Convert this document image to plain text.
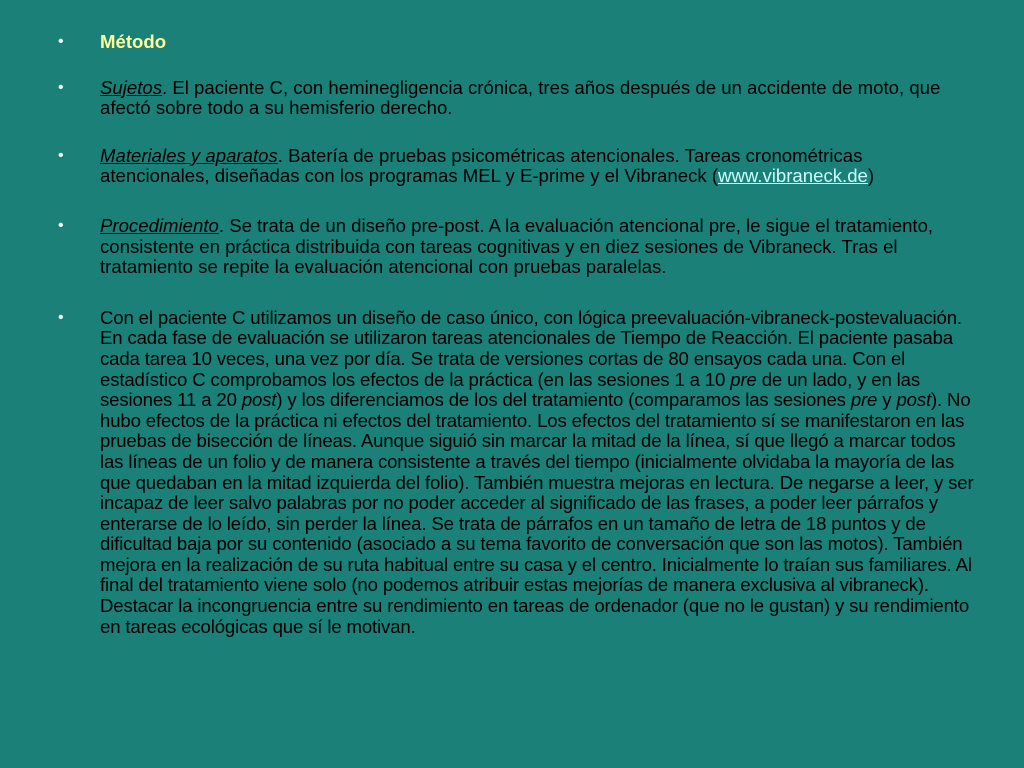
• Método
• Sujetos. El paciente C, con heminegligencia crónica, tres años después de un accidente de moto, que afectó sobre todo a su hemisferio derecho.
• Materiales y aparatos. Batería de pruebas psicométricas atencionales. Tareas cronométricas atencionales, diseñadas con los programas MEL y E-prime y el Vibraneck (www.vibraneck.de)
• Procedimiento. Se trata de un diseño pre-post. A la evaluación atencional pre, le sigue el tratamiento, consistente en práctica distribuida con tareas cognitivas y en diez sesiones de Vibraneck. Tras el tratamiento se repite la evaluación atencional con pruebas paralelas.
• Con el paciente C utilizamos un diseño de caso único, con lógica preevaluación-vibraneck-postevaluación. En cada fase de evaluación se utilizaron tareas atencionales de Tiempo de Reacción. El paciente pasaba cada tarea 10 veces, una vez por día. Se trata de versiones cortas de 80 ensayos cada una. Con el estadístico C comprobamos los efectos de la práctica (en las sesiones 1 a 10 pre de un lado, y en las sesiones 11 a 20 post) y los diferenciamos de los del tratamiento (comparamos las sesiones pre y post). No hubo efectos de la práctica ni efectos del tratamiento. Los efectos del tratamiento sí se manifestaron en las pruebas de bisección de líneas. Aunque siguió sin marcar la mitad de la línea, sí que llegó a marcar todos las líneas de un folio y de manera consistente a través del tiempo (inicialmente olvidaba la mayoría de las que quedaban en la mitad izquierda del folio). También muestra mejoras en lectura. De negarse a leer, y ser incapaz de leer salvo palabras por no poder acceder al significado de las frases, a poder leer párrafos y enterarse de lo leído, sin perder la línea. Se trata de párrafos en un tamaño de letra de 18 puntos y de dificultad baja por su contenido (asociado a su tema favorito de conversación que son las motos). También mejora en la realización de su ruta habitual entre su casa y el centro. Inicialmente lo traían sus familiares. Al final del tratamiento viene solo (no podemos atribuir estas mejorías de manera exclusiva al vibraneck). Destacar la incongruencia entre su rendimiento en tareas de ordenador (que no le gustan) y su rendimiento en tareas ecológicas que sí le motivan.
